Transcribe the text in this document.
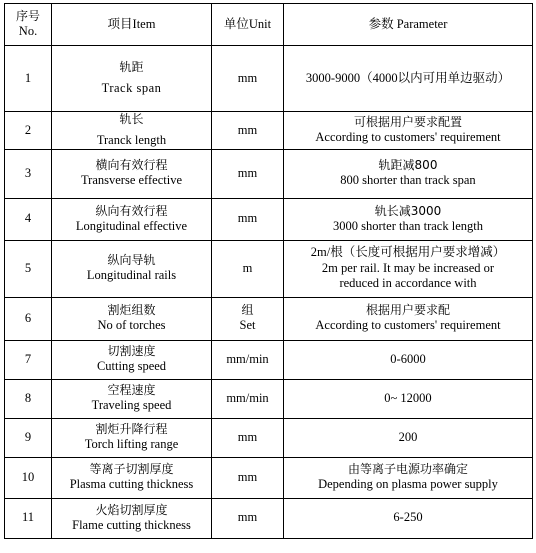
序号
No.	项目Item	单位Unit	参数 Parameter

1	轨距
Track span	mm	3000-9000（4000以内可用单边驱动）

2	轨长
Tranck length	mm	可根据用户要求配置
According to customers' requirement

3	横向有效行程
Transverse effective	mm	轨距减800
800 shorter than track span

4	纵向有效行程
Longitudinal effective	mm	轨长减3000
3000 shorter than track length

5	纵向导轨
Longitudinal rails	m	2m/根（长度可根据用户要求增减）
2m per rail. It may be increased or
reduced in accordance with

6	割炬组数
No of torches	组
Set	根据用户要求配
According to customers' requirement

7	切割速度
Cutting speed	mm/min	0-6000

8	空程速度
Traveling speed	mm/min	0~ 12000

9	割炬升降行程
Torch lifting range	mm	200

10	等离子切割厚度
Plasma cutting thickness	mm	由等离子电源功率确定
Depending on plasma power supply

11	火焰切割厚度
Flame cutting thickness	mm	6-250
